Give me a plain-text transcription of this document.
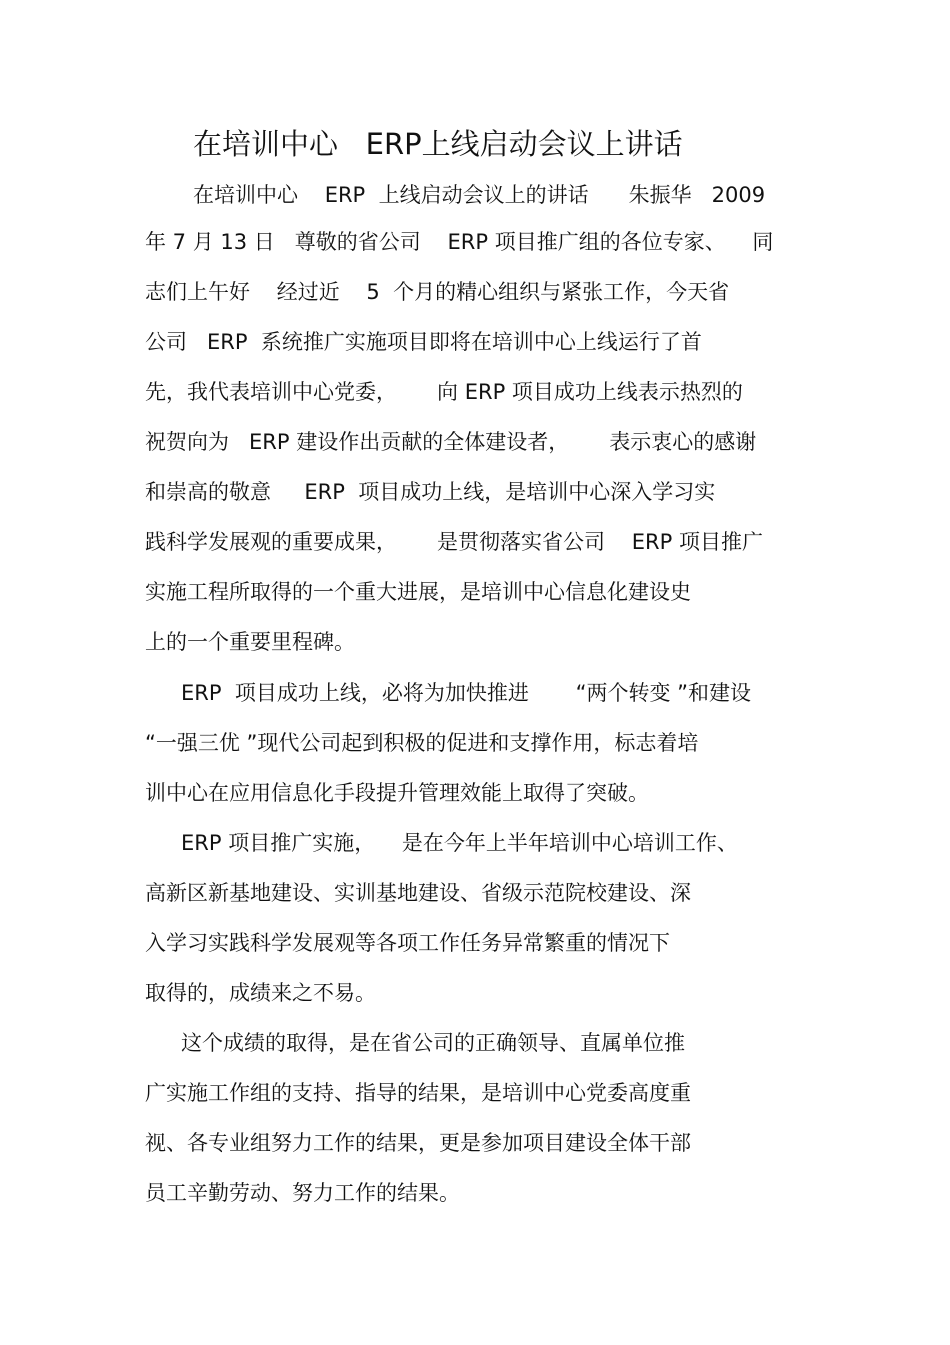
在培训中心   ERP上线启动会议上讲话
在培训中心    ERP  上线启动会议上的讲话      朱振华   2009
年 7 月 13 日   尊敬的省公司    ERP 项目推广组的各位专家、    同
志们上午好    经过近    5  个月的精心组织与紧张工作，今天省
公司   ERP  系统推广实施项目即将在培训中心上线运行了首
先，我代表培训中心党委，      向 ERP 项目成功上线表示热烈的
祝贺向为   ERP 建设作出贡献的全体建设者，      表示衷心的感谢
和崇高的敬意     ERP  项目成功上线，是培训中心深入学习实
践科学发展观的重要成果，      是贯彻落实省公司    ERP 项目推广
实施工程所取得的一个重大进展，是培训中心信息化建设史
上的一个重要里程碑。
ERP  项目成功上线，必将为加快推进       “两个转变 ”和建设
“一强三优 ”现代公司起到积极的促进和支撑作用，标志着培
训中心在应用信息化手段提升管理效能上取得了突破。
ERP 项目推广实施，    是在今年上半年培训中心培训工作、
高新区新基地建设、实训基地建设、省级示范院校建设、深
入学习实践科学发展观等各项工作任务异常繁重的情况下
取得的，成绩来之不易。
这个成绩的取得，是在省公司的正确领导、直属单位推
广实施工作组的支持、指导的结果，是培训中心党委高度重
视、各专业组努力工作的结果，更是参加项目建设全体干部
员工辛勤劳动、努力工作的结果。
